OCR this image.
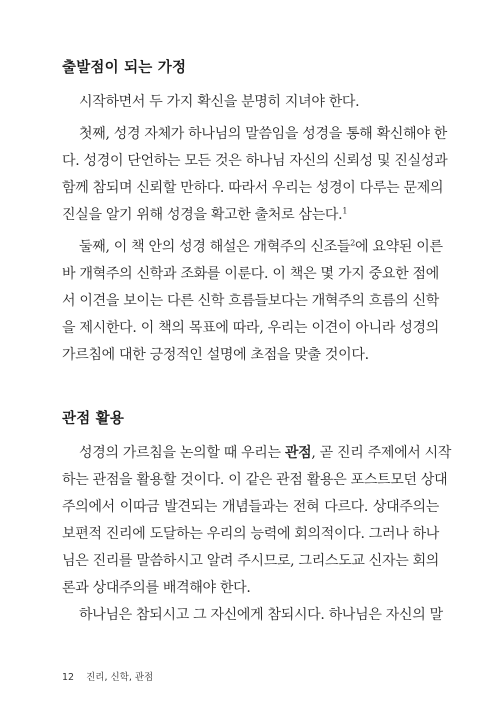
출발점이 되는 가정
시작하면서 두 가지 확신을 분명히 지녀야 한다.
첫째, 성경 자체가 하나님의 말씀임을 성경을 통해 확신해야 한
다. 성경이 단언하는 모든 것은 하나님 자신의 신뢰성 및 진실성과
함께 참되며 신뢰할 만하다. 따라서 우리는 성경이 다루는 문제의
진실을 알기 위해 성경을 확고한 출처로 삼는다.$^1$
둘째, 이 책 안의 성경 해설은 개혁주의 신조들$^2$에 요약된 이른
바 개혁주의 신학과 조화를 이룬다. 이 책은 몇 가지 중요한 점에
서 이견을 보이는 다른 신학 흐름들보다는 개혁주의 흐름의 신학
을 제시한다. 이 책의 목표에 따라, 우리는 이견이 아니라 성경의
가르침에 대한 긍정적인 설명에 초점을 맞출 것이다.
관점 활용
성경의 가르침을 논의할 때 우리는 관점, 곧 진리 주제에서 시작
하는 관점을 활용할 것이다. 이 같은 관점 활용은 포스트모던 상대
주의에서 이따금 발견되는 개념들과는 전혀 다르다. 상대주의는
보편적 진리에 도달하는 우리의 능력에 회의적이다. 그러나 하나
님은 진리를 말씀하시고 알려 주시므로, 그리스도교 신자는 회의
론과 상대주의를 배격해야 한다.
하나님은 참되시고 그 자신에게 참되시다. 하나님은 자신의 말
12 진리, 신학, 관점
